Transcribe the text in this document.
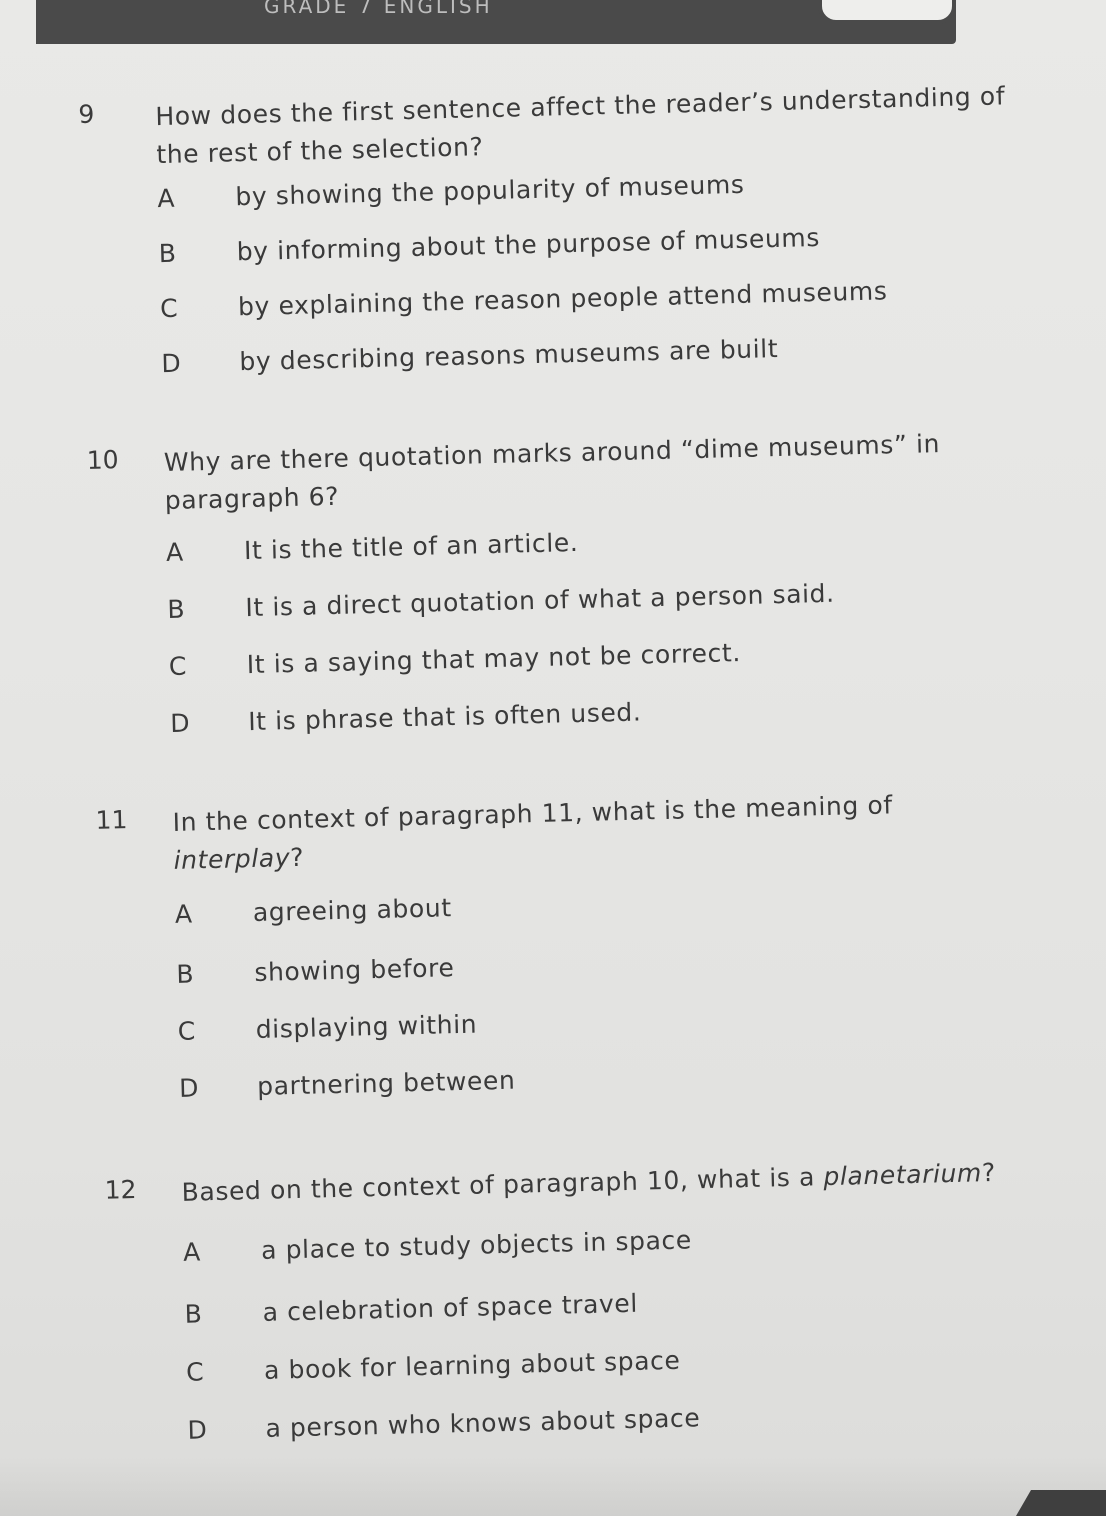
GRADE 7 ENGLISH
9 How does the first sentence affect the reader’s understanding of the rest of the selection?
A by showing the popularity of museums
B by informing about the purpose of museums
C by explaining the reason people attend museums
D by describing reasons museums are built
10 Why are there quotation marks around “dime museums” in paragraph 6?
A It is the title of an article.
B It is a direct quotation of what a person said.
C It is a saying that may not be correct.
D It is phrase that is often used.
11 In the context of paragraph 11, what is the meaning of interplay?
A agreeing about
B showing before
C displaying within
D partnering between
12 Based on the context of paragraph 10, what is a planetarium?
A a place to study objects in space
B a celebration of space travel
C a book for learning about space
D a person who knows about space
